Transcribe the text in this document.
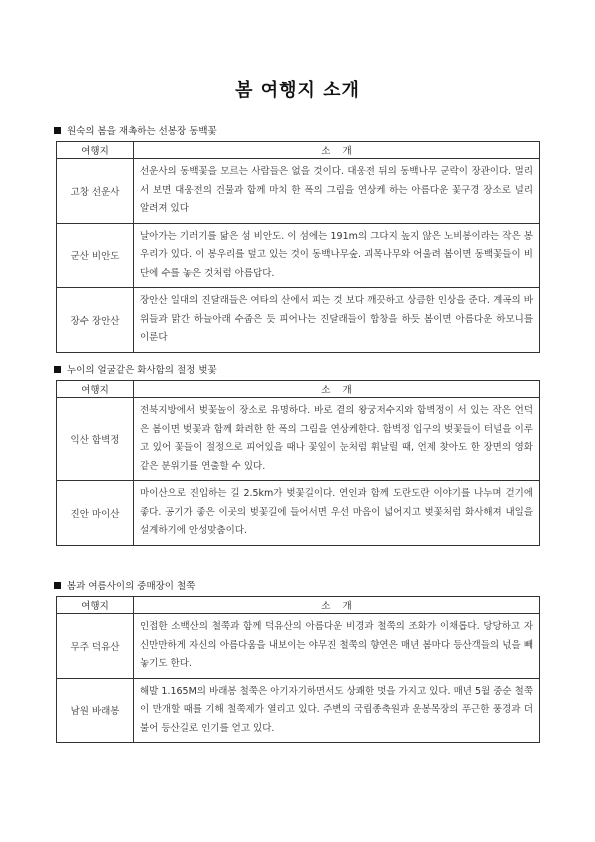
봄 여행지 소개
원숙의 봄을 재촉하는 선봉장 동백꽃
여행지	소    개
고창 선운사	선운사의 동백꽃을 모르는 사람들은 없을 것이다. 대웅전 뒤의 동백나무 군락이 장관이다. 멀리서 보면 대웅전의 건물과 함께 마치 한 폭의 그림을 연상케 하는 아름다운 꽃구경 장소로 널리 알려져 있다
군산 비안도	날아가는 기러기를 닮은 섬 비안도. 이 섬에는 191m의 그다지 높지 않은 노비봉이라는 작은 봉우리가 있다. 이 봉우리를 덮고 있는 것이 동백나무숲. 괴목나무와 어울려 봄이면 동백꽃들이 비단에 수를 놓은 것처럼 아름답다.
장수 장안산	장안산 일대의 진달래들은 여타의 산에서 피는 것 보다 깨끗하고 상큼한 인상을 준다. 계곡의 바위들과 맑간 하늘아래 수줍은 듯 피어나는 진달래들이 합창을 하듯 봄이면 아름다운 하모니를 이룬다
누이의 얼굴같은 화사함의 절정 벚꽃
여행지	소    개
익산 함벽정	전북지방에서 벚꽃놀이 장소로 유명하다. 바로 곁의 왕궁저수지와 함벽정이 서 있는 작은 언덕은 봄이면 벚꽃과 함께 화려한 한 폭의 그림을 연상케한다. 함벽정 입구의 벚꽃들이 터널을 이루고 있어 꽃들이 절정으로 피어있을 때나 꽃잎이 눈처럼 휘날릴 때, 언제 찾아도 한 장면의 영화같은 분위기를 연출할 수 있다.
진안 마이산	마이산으로 진입하는 길 2.5km가 벚꽃길이다. 연인과 함께 도란도란 이야기를 나누며 걷기에 좋다. 공기가 좋은 이곳의 벚꽃길에 들어서면 우선 마음이 넓어지고 벚꽃처럼 화사해져 내일을 설계하기에 안성맞춤이다.
봄과 여름사이의 중매장이 철쭉
여행지	소    개
무주 덕유산	인접한 소백산의 철쭉과 함께 덕유산의 아름다운 비경과 철쭉의 조화가 이채롭다. 당당하고 자신만만하게 자신의 아름다움을 내보이는 야무진 철쭉의 향연은 매년 봄마다 등산객들의 넋을 빼놓기도 한다.
남원 바래봉	해발 1.165M의 바래봉 철쭉은 아기자기하면서도 상쾌한 멋을 가지고 있다. 매년 5월 중순 철쭉이 만개할 때를 기해 철쭉제가 열리고 있다. 주변의 국립종축원과 운봉목장의 푸근한 풍경과 더불어 등산길로 인기를 얻고 있다.
